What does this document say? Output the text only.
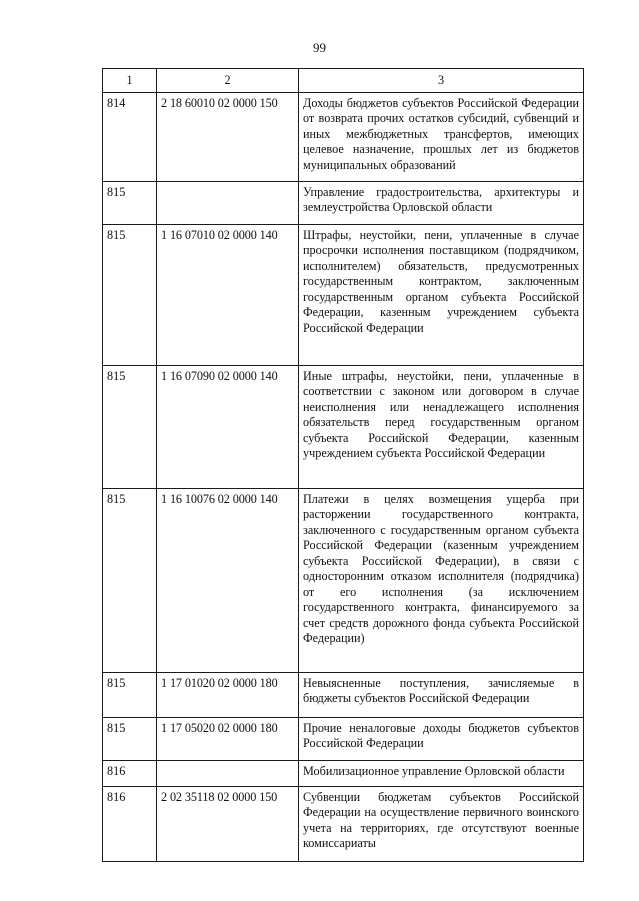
99
1	2	3
814	2 18 60010 02 0000 150	Доходы бюджетов субъектов Российской Федерации от возврата прочих остатков субсидий, субвенций и иных межбюджетных трансфертов, имеющих целевое назначение, прошлых лет из бюджетов муниципальных образований
815		Управление градостроительства, архитектуры и землеустройства Орловской области
815	1 16 07010 02 0000 140	Штрафы, неустойки, пени, уплаченные в случае просрочки исполнения поставщиком (подрядчиком, исполнителем) обязательств, предусмотренных государственным контрактом, заключенным государственным органом субъекта Российской Федерации, казенным учреждением субъекта Российской Федерации
815	1 16 07090 02 0000 140	Иные штрафы, неустойки, пени, уплаченные в соответствии с законом или договором в случае неисполнения или ненадлежащего исполнения обязательств перед государственным органом субъекта Российской Федерации, казенным учреждением субъекта Российской Федерации
815	1 16 10076 02 0000 140	Платежи в целях возмещения ущерба при расторжении государственного контракта, заключенного с государственным органом субъекта Российской Федерации (казенным учреждением субъекта Российской Федерации), в связи с односторонним отказом исполнителя (подрядчика) от его исполнения (за исключением государственного контракта, финансируемого за счет средств дорожного фонда субъекта Российской Федерации)
815	1 17 01020 02 0000 180	Невыясненные поступления, зачисляемые в бюджеты субъектов Российской Федерации
815	1 17 05020 02 0000 180	Прочие неналоговые доходы бюджетов субъектов Российской Федерации
816		Мобилизационное управление Орловской области
816	2 02 35118 02 0000 150	Субвенции бюджетам субъектов Российской Федерации на осуществление первичного воинского учета на территориях, где отсутствуют военные комиссариаты
